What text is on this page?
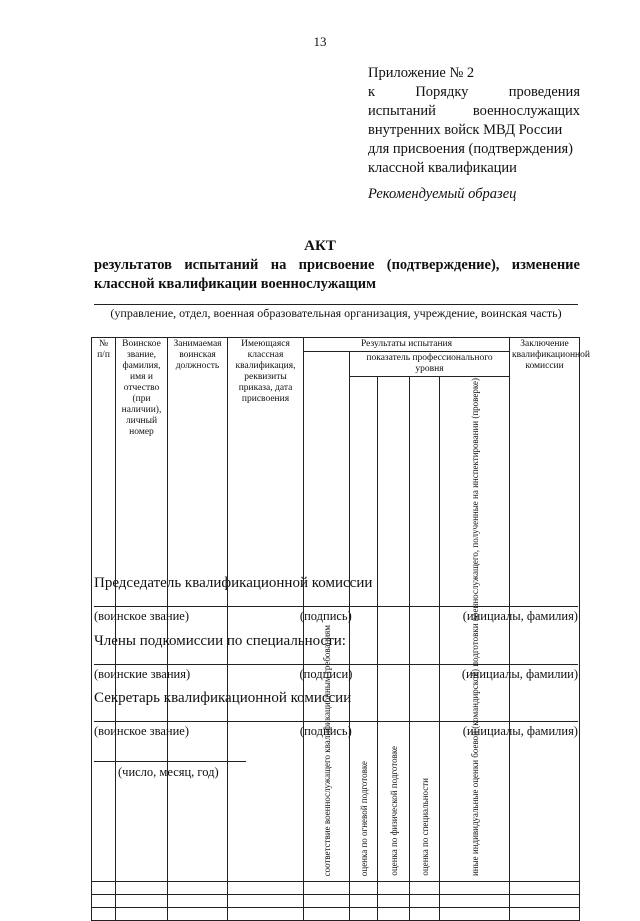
13
Приложение № 2
к	Порядку	проведения
испытаний	военнослужащих
внутренних войск МВД России
для присвоения (подтверждения)
классной квалификации
Рекомендуемый образец
АКТ
результатов испытаний на присвоение (подтверждение), изменение
классной квалификации военнослужащим
(управление, отдел, военная образовательная организация, учреждение, воинская часть)
№ п/п	Воинское звание, фамилия, имя и отчество (при наличии), личный номер	Занимаемая воинская должность	Имеющаяся классная квалификация, реквизиты приказа, дата присвоения	Результаты испытания					Заключение квалификационной комиссии
				соответствие военнослужащего квалификационным требованиям	показатель профессионального уровня				
					оценка по огневой подготовке	оценка по физической подготовке	оценка по специальности	иные индивидуальные оценки боевой (командирской) подготовки военнослужащего, полученные на инспектировании (проверке)	

Председатель квалификационной комиссии
(воинское звание)	(подпись)	(инициалы, фамилия)
Члены подкомиссии по специальности:
(воинские звания)	(подписи)	(инициалы, фамилии)
Секретарь квалификационной комиссии
(воинское звание)	(подпись)	(инициалы, фамилия)
(число, месяц, год)
